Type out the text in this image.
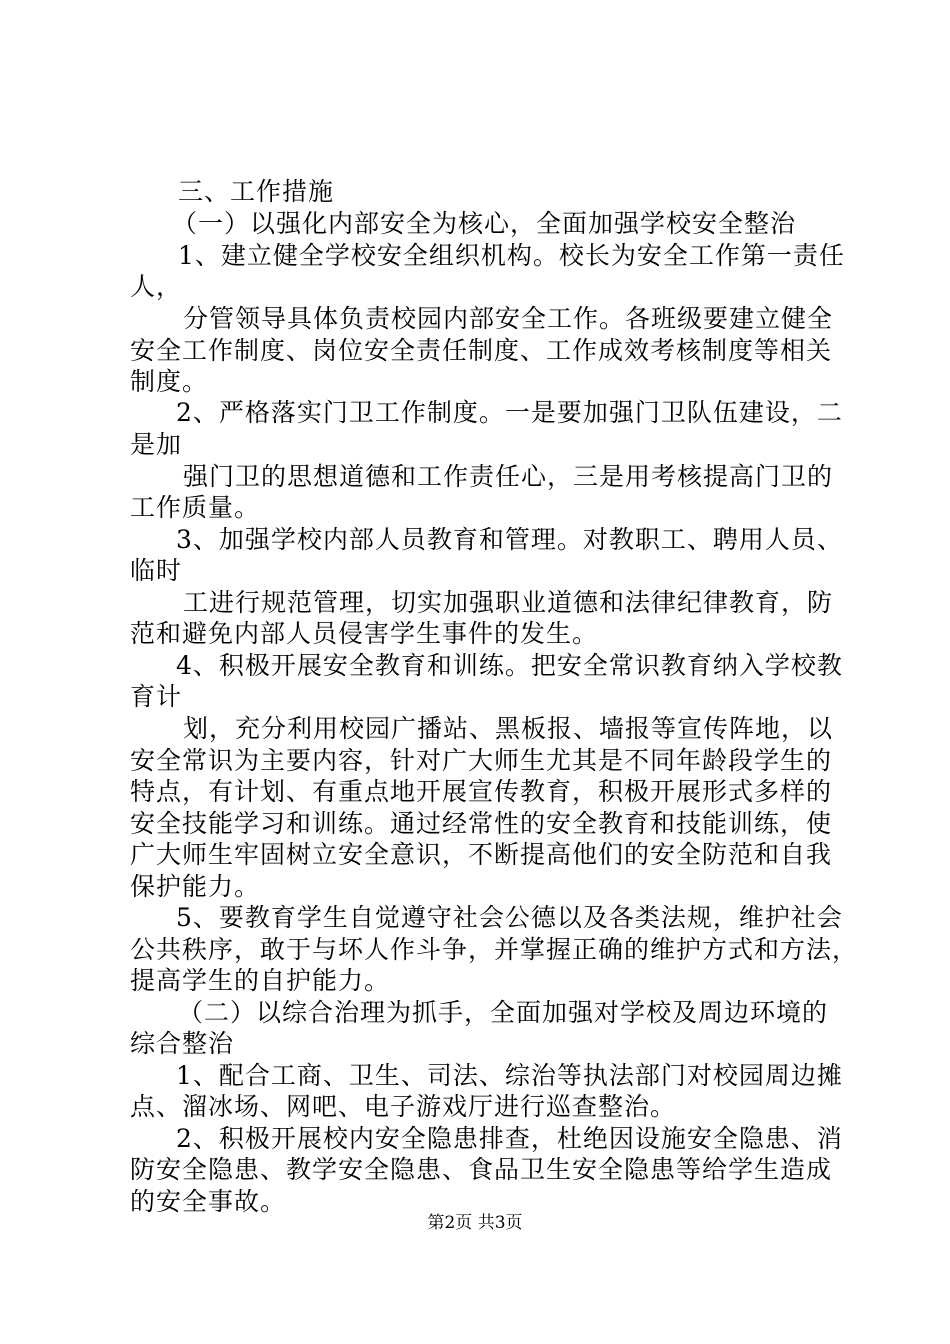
三、工作措施
（一）以强化内部安全为核心，全面加强学校安全整治
1、建立健全学校安全组织机构。校长为安全工作第一责任
人，
分管领导具体负责校园内部安全工作。各班级要建立健全
安全工作制度、岗位安全责任制度、工作成效考核制度等相关
制度。
2、严格落实门卫工作制度。一是要加强门卫队伍建设，二
是加
强门卫的思想道德和工作责任心，三是用考核提高门卫的
工作质量。
3、加强学校内部人员教育和管理。对教职工、聘用人员、
临时
工进行规范管理，切实加强职业道德和法律纪律教育，防
范和避免内部人员侵害学生事件的发生。
4、积极开展安全教育和训练。把安全常识教育纳入学校教
育计
划，充分利用校园广播站、黑板报、墙报等宣传阵地，以
安全常识为主要内容，针对广大师生尤其是不同年龄段学生的
特点，有计划、有重点地开展宣传教育，积极开展形式多样的
安全技能学习和训练。通过经常性的安全教育和技能训练，使
广大师生牢固树立安全意识，不断提高他们的安全防范和自我
保护能力。
5、要教育学生自觉遵守社会公德以及各类法规，维护社会
公共秩序，敢于与坏人作斗争，并掌握正确的维护方式和方法，
提高学生的自护能力。
（二）以综合治理为抓手，全面加强对学校及周边环境的
综合整治
1、配合工商、卫生、司法、综治等执法部门对校园周边摊
点、溜冰场、网吧、电子游戏厅进行巡查整治。
2、积极开展校内安全隐患排查，杜绝因设施安全隐患、消
防安全隐患、教学安全隐患、食品卫生安全隐患等给学生造成
的安全事故。
第2页 共3页
